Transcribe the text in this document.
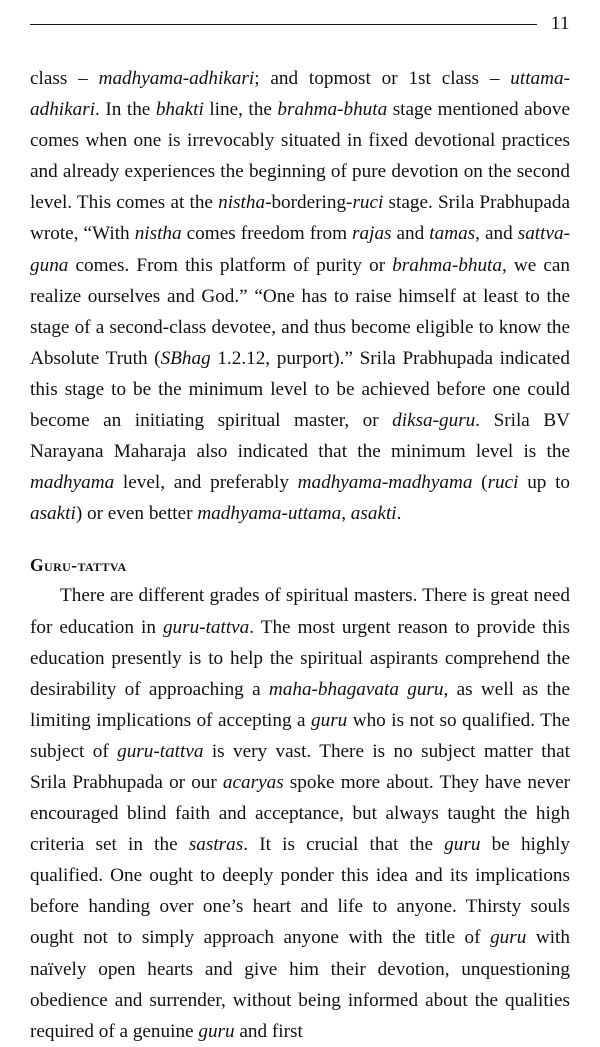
11

class – madhyama-adhikari; and topmost or 1st class – uttama-adhikari. In the bhakti line, the brahma-bhuta stage mentioned above comes when one is irrevocably situated in fixed devotional practices and already experiences the beginning of pure devotion on the second level. This comes at the nistha-bordering-ruci stage. Srila Prabhupada wrote, “With nistha comes freedom from rajas and tamas, and sattva-guna comes. From this platform of purity or brahma-bhuta, we can realize ourselves and God.” “One has to raise himself at least to the stage of a second-class devotee, and thus become eligible to know the Absolute Truth (SBhag 1.2.12, purport).” Srila Prabhupada indicated this stage to be the minimum level to be achieved before one could become an initiating spiritual master, or diksa-guru. Srila BV Narayana Maharaja also indicated that the minimum level is the madhyama level, and preferably madhyama-madhyama (ruci up to asakti) or even better madhyama-uttama, asakti.

Guru-tattva

There are different grades of spiritual masters. There is great need for education in guru-tattva. The most urgent reason to provide this education presently is to help the spiritual aspirants comprehend the desirability of approaching a maha-bhagavata guru, as well as the limiting implications of accepting a guru who is not so qualified. The subject of guru-tattva is very vast. There is no subject matter that Srila Prabhupada or our acaryas spoke more about. They have never encouraged blind faith and acceptance, but always taught the high criteria set in the sastras. It is crucial that the guru be highly qualified. One ought to deeply ponder this idea and its implications before handing over one’s heart and life to anyone. Thirsty souls ought not to simply approach anyone with the title of guru with naïvely open hearts and give him their devotion, unquestioning obedience and surrender, without being informed about the qualities required of a genuine guru and first
